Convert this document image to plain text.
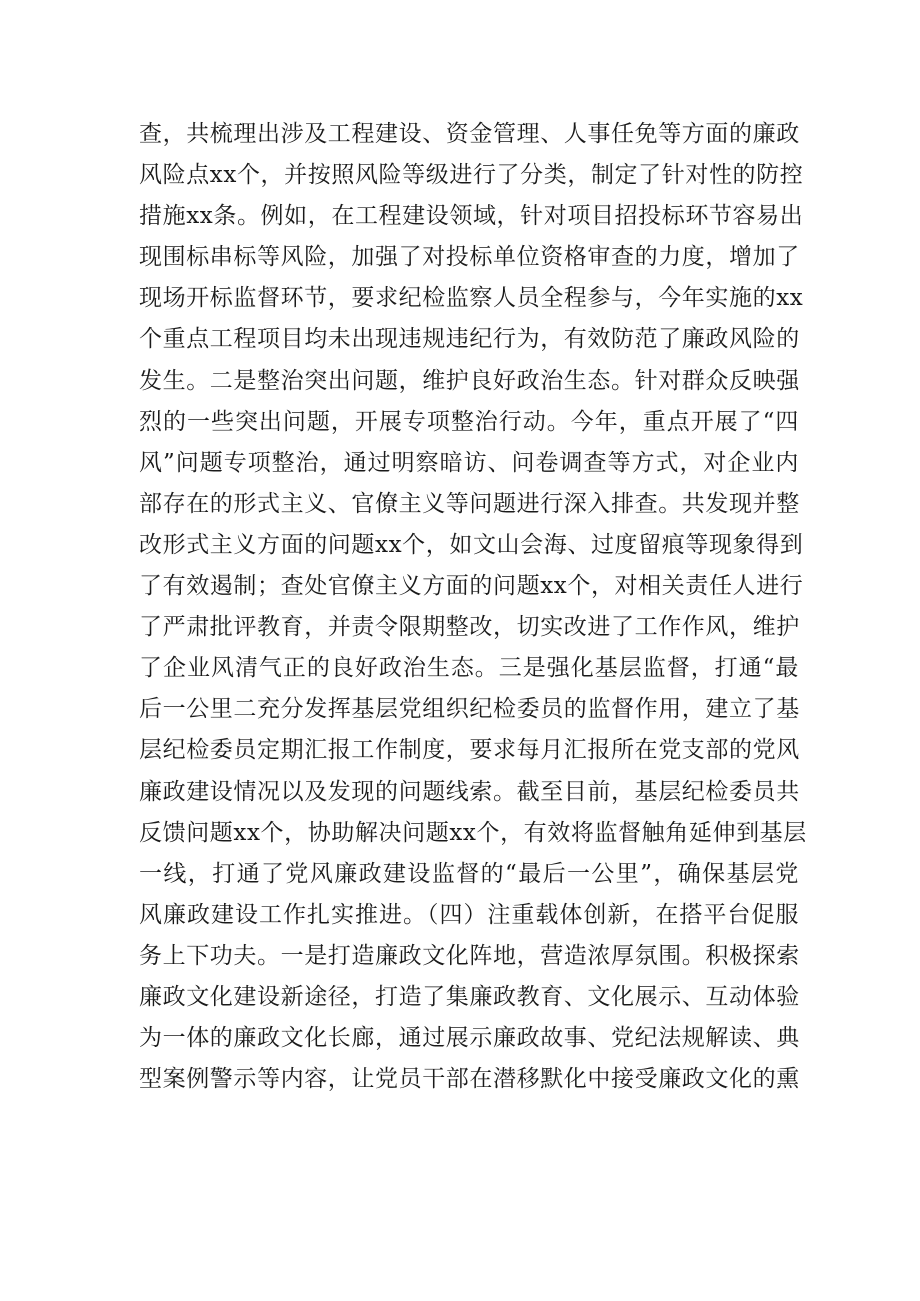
查，共梳理出涉及工程建设、资金管理、人事任免等方面的廉政
风险点xx个，并按照风险等级进行了分类，制定了针对性的防控
措施xx条。例如，在工程建设领域，针对项目招投标环节容易出
现围标串标等风险，加强了对投标单位资格审查的力度，增加了
现场开标监督环节，要求纪检监察人员全程参与，今年实施的xx
个重点工程项目均未出现违规违纪行为，有效防范了廉政风险的
发生。二是整治突出问题，维护良好政治生态。针对群众反映强
烈的一些突出问题，开展专项整治行动。今年，重点开展了“四
风”问题专项整治，通过明察暗访、问卷调查等方式，对企业内
部存在的形式主义、官僚主义等问题进行深入排查。共发现并整
改形式主义方面的问题xx个，如文山会海、过度留痕等现象得到
了有效遏制；查处官僚主义方面的问题xx个，对相关责任人进行
了严肃批评教育，并责令限期整改，切实改进了工作作风，维护
了企业风清气正的良好政治生态。三是强化基层监督，打通“最
后一公里二充分发挥基层党组织纪检委员的监督作用，建立了基
层纪检委员定期汇报工作制度，要求每月汇报所在党支部的党风
廉政建设情况以及发现的问题线索。截至目前，基层纪检委员共
反馈问题xx个，协助解决问题xx个，有效将监督触角延伸到基层
一线，打通了党风廉政建设监督的“最后一公里”，确保基层党
风廉政建设工作扎实推进。（四）注重载体创新，在搭平台促服
务上下功夫。一是打造廉政文化阵地，营造浓厚氛围。积极探索
廉政文化建设新途径，打造了集廉政教育、文化展示、互动体验
为一体的廉政文化长廊，通过展示廉政故事、党纪法规解读、典
型案例警示等内容，让党员干部在潜移默化中接受廉政文化的熏
